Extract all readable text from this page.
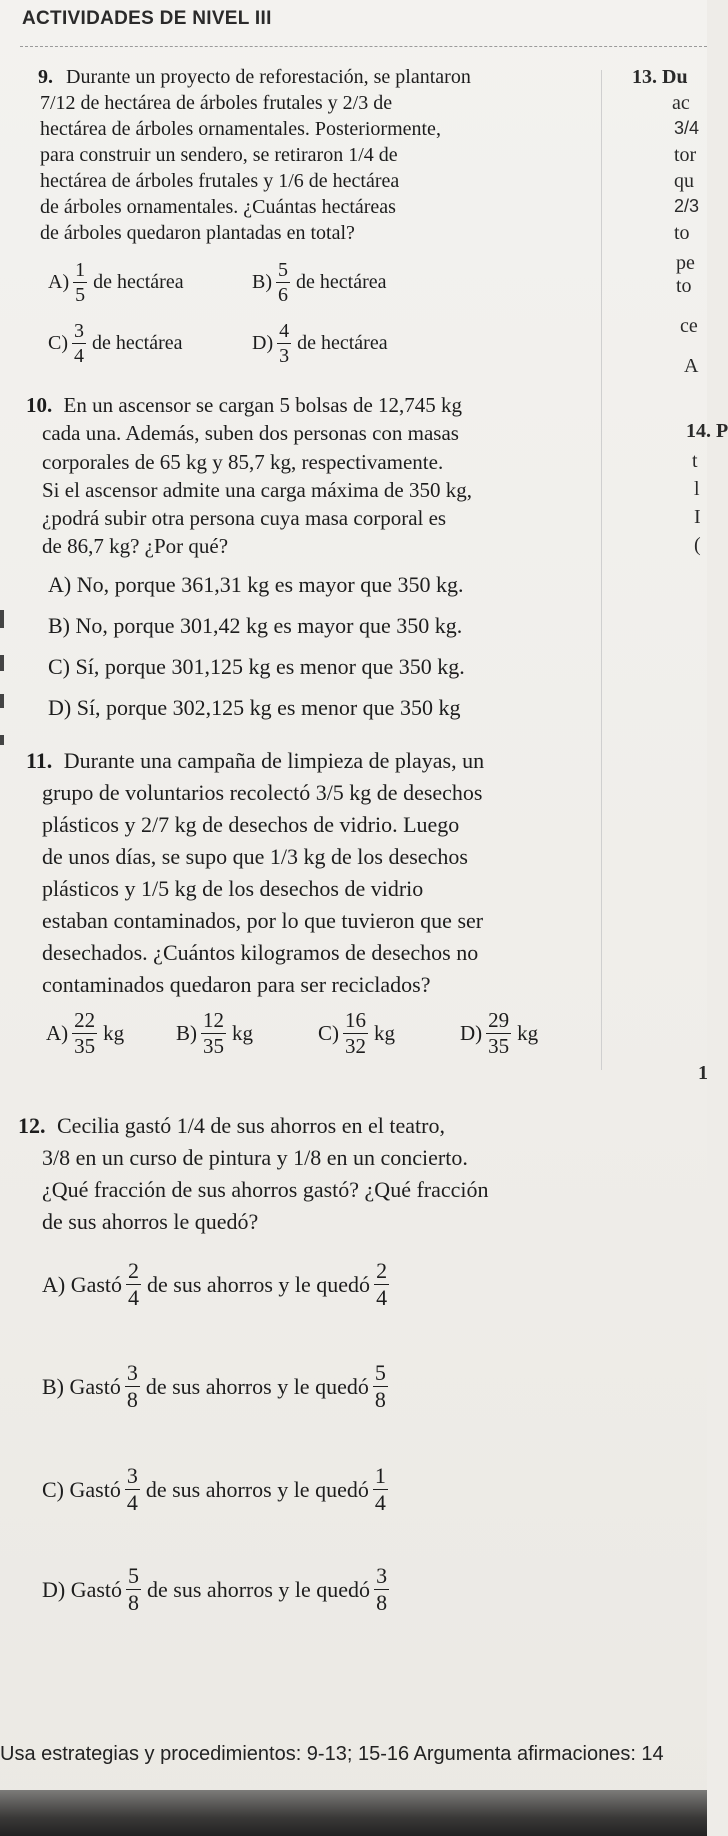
ACTIVIDADES DE NIVEL III
9. Durante un proyecto de reforestación, se plantaron
7/12 de hectárea de árboles frutales y 2/3 de
hectárea de árboles ornamentales. Posteriormente,
para construir un sendero, se retiraron 1/4 de
hectárea de árboles frutales y 1/6 de hectárea
de árboles ornamentales. ¿Cuántas hectáreas
de árboles quedaron plantadas en total?
$A) \frac{1}{5}$ de hectárea	$B) \frac{5}{6}$ de hectárea
$C) \frac{3}{4}$ de hectárea	$D) \frac{4}{3}$ de hectárea
10. En un ascensor se cargan 5 bolsas de 12,745 kg
cada una. Además, suben dos personas con masas
corporales de 65 kg y 85,7 kg, respectivamente.
Si el ascensor admite una carga máxima de 350 kg,
¿podrá subir otra persona cuya masa corporal es
de 86,7 kg? ¿Por qué?
A) No, porque 361,31 kg es mayor que 350 kg.
B) No, porque 301,42 kg es mayor que 350 kg.
C) Sí, porque 301,125 kg es menor que 350 kg.
D) Sí, porque 302,125 kg es menor que 350 kg
11. Durante una campaña de limpieza de playas, un
grupo de voluntarios recolectó 3/5 kg de desechos
plásticos y 2/7 kg de desechos de vidrio. Luego
de unos días, se supo que 1/3 kg de los desechos
plásticos y 1/5 kg de los desechos de vidrio
estaban contaminados, por lo que tuvieron que ser
desechados. ¿Cuántos kilogramos de desechos no
contaminados quedaron para ser reciclados?
$A) \frac{22}{35}$ kg $B) \frac{12}{35}$ kg	$C) \frac{16}{32}$ kg	$D) \frac{29}{35}$ kg
12. Cecilia gastó 1/4 de sus ahorros en el teatro,
3/8 en un curso de pintura y 1/8 en un concierto.
¿Qué fracción de sus ahorros gastó? ¿Qué fracción
de sus ahorros le quedó?
A) Gastó $\frac{2}{4}$ de sus ahorros y le quedó $\frac{2}{4}$
B) Gastó $\frac{3}{8}$ de sus ahorros y le quedó $\frac{5}{8}$
C) Gastó $\frac{3}{4}$ de sus ahorros y le quedó $\frac{1}{4}$
D) Gastó $\frac{5}{8}$ de sus ahorros y le quedó $\frac{3}{8}$
13. Du
ac
3/4
tor
qu
2/3
to
pe
to
ce
A
14. P
t
l
I
(
1
Usa estrategias y procedimientos: 9-13; 15-16 Argumenta afirmaciones: 14
